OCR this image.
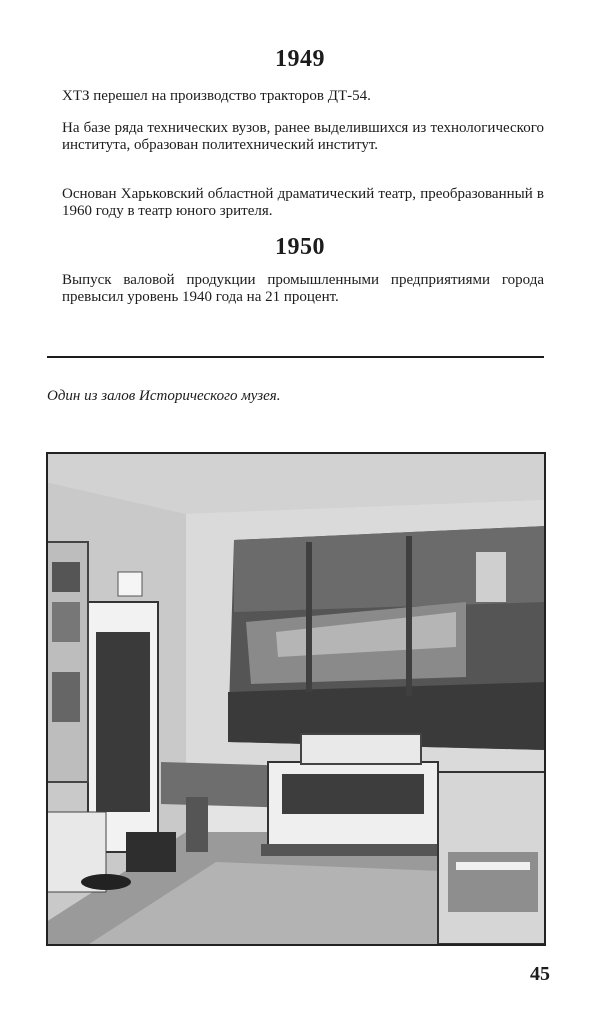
1949

ХТЗ перешел на производство тракторов ДТ-54.

На базе ряда технических вузов, ранее выделившихся из технологического института, образован политехнический институт.

Основан Харьковский областной драматический театр, преобразованный в 1960 году в театр юного зрителя.

1950

Выпуск валовой продукции промышленными предприятиями города превысил уровень 1940 года на 21 процент.

Один из залов Исторического музея.
45
